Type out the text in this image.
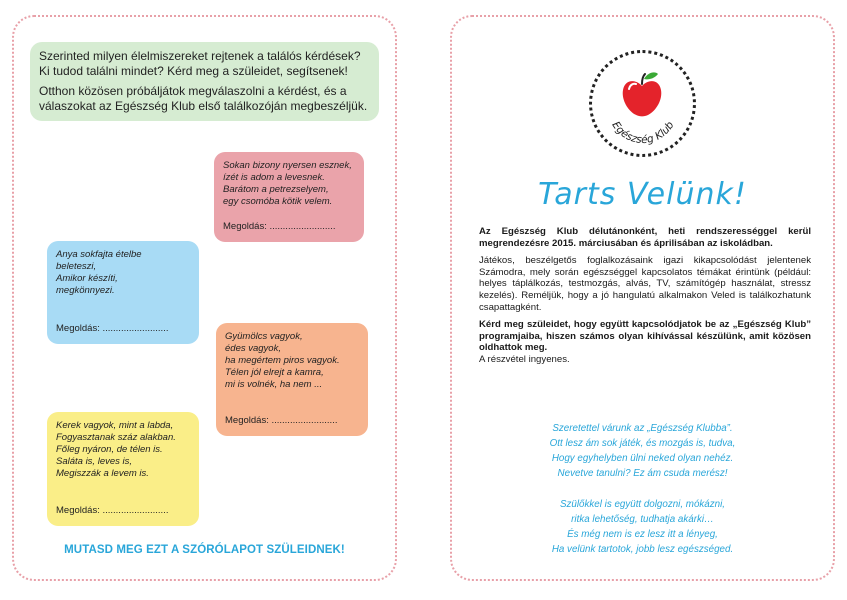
Szerinted milyen élelmiszereket rejtenek a találós kérdések? Ki tudod találni mindet? Kérd meg a szüleidet, segítsenek!

Otthon közösen próbáljátok megválaszolni a kérdést, és a válaszokat az Egészség Klub első találkozóján megbeszéljük.

Sokan bizony nyersen esznek,
ízét is adom a levesnek.
Barátom a petrezselyem,
egy csomóba kötik velem.
Megoldás: .........................
Anya sokfajta ételbe
beleteszi,
Amikor készíti,
megkönnyezi.
Megoldás: .........................
Gyümölcs vagyok,
édes vagyok,
ha megértem piros vagyok.
Télen jól elrejt a kamra,
mi is volnék, ha nem ...
Megoldás: .........................
Kerek vagyok, mint a labda,
Fogyasztanak száz alakban.
Főleg nyáron, de télen is.
Saláta is, leves is,
Megiszzák a levem is.
Megoldás: .........................
MUTASD MEG EZT A SZÓRÓLAPOT SZÜLEIDNEK!
Egészség Klub
Tarts Velünk!

Az Egészség Klub délutánonként, heti rendszerességgel kerül megrendezésre 2015. márciusában és áprilisában az iskoládban.

Játékos, beszélgetős foglalkozásaink igazi kikapcsolódást jelentenek Számodra, mely során egészséggel kapcsolatos témákat érintünk (például: helyes táplálkozás, testmozgás, alvás, TV, számítógép használat, stressz kezelés). Reméljük, hogy a jó hangulatú alkalmakon Veled is találkozhatunk csapattagként.

Kérd meg szüleidet, hogy együtt kapcsolódjatok be az „Egészség Klub” programjaiba, hiszen számos olyan kihívással készülünk, amit közösen oldhattok meg.

A részvétel ingyenes.

Szeretettel várunk az „Egészség Klubba”.
Ott lesz ám sok játék, és mozgás is, tudva,
Hogy egyhelyben ülni neked olyan nehéz.
Nevetve tanulni? Ez ám csuda merész!
Szülőkkel is együtt dolgozni, mókázni,
ritka lehetőség, tudhatja akárki…
És még nem is ez lesz itt a lényeg,
Ha velünk tartotok, jobb lesz egészséged.
